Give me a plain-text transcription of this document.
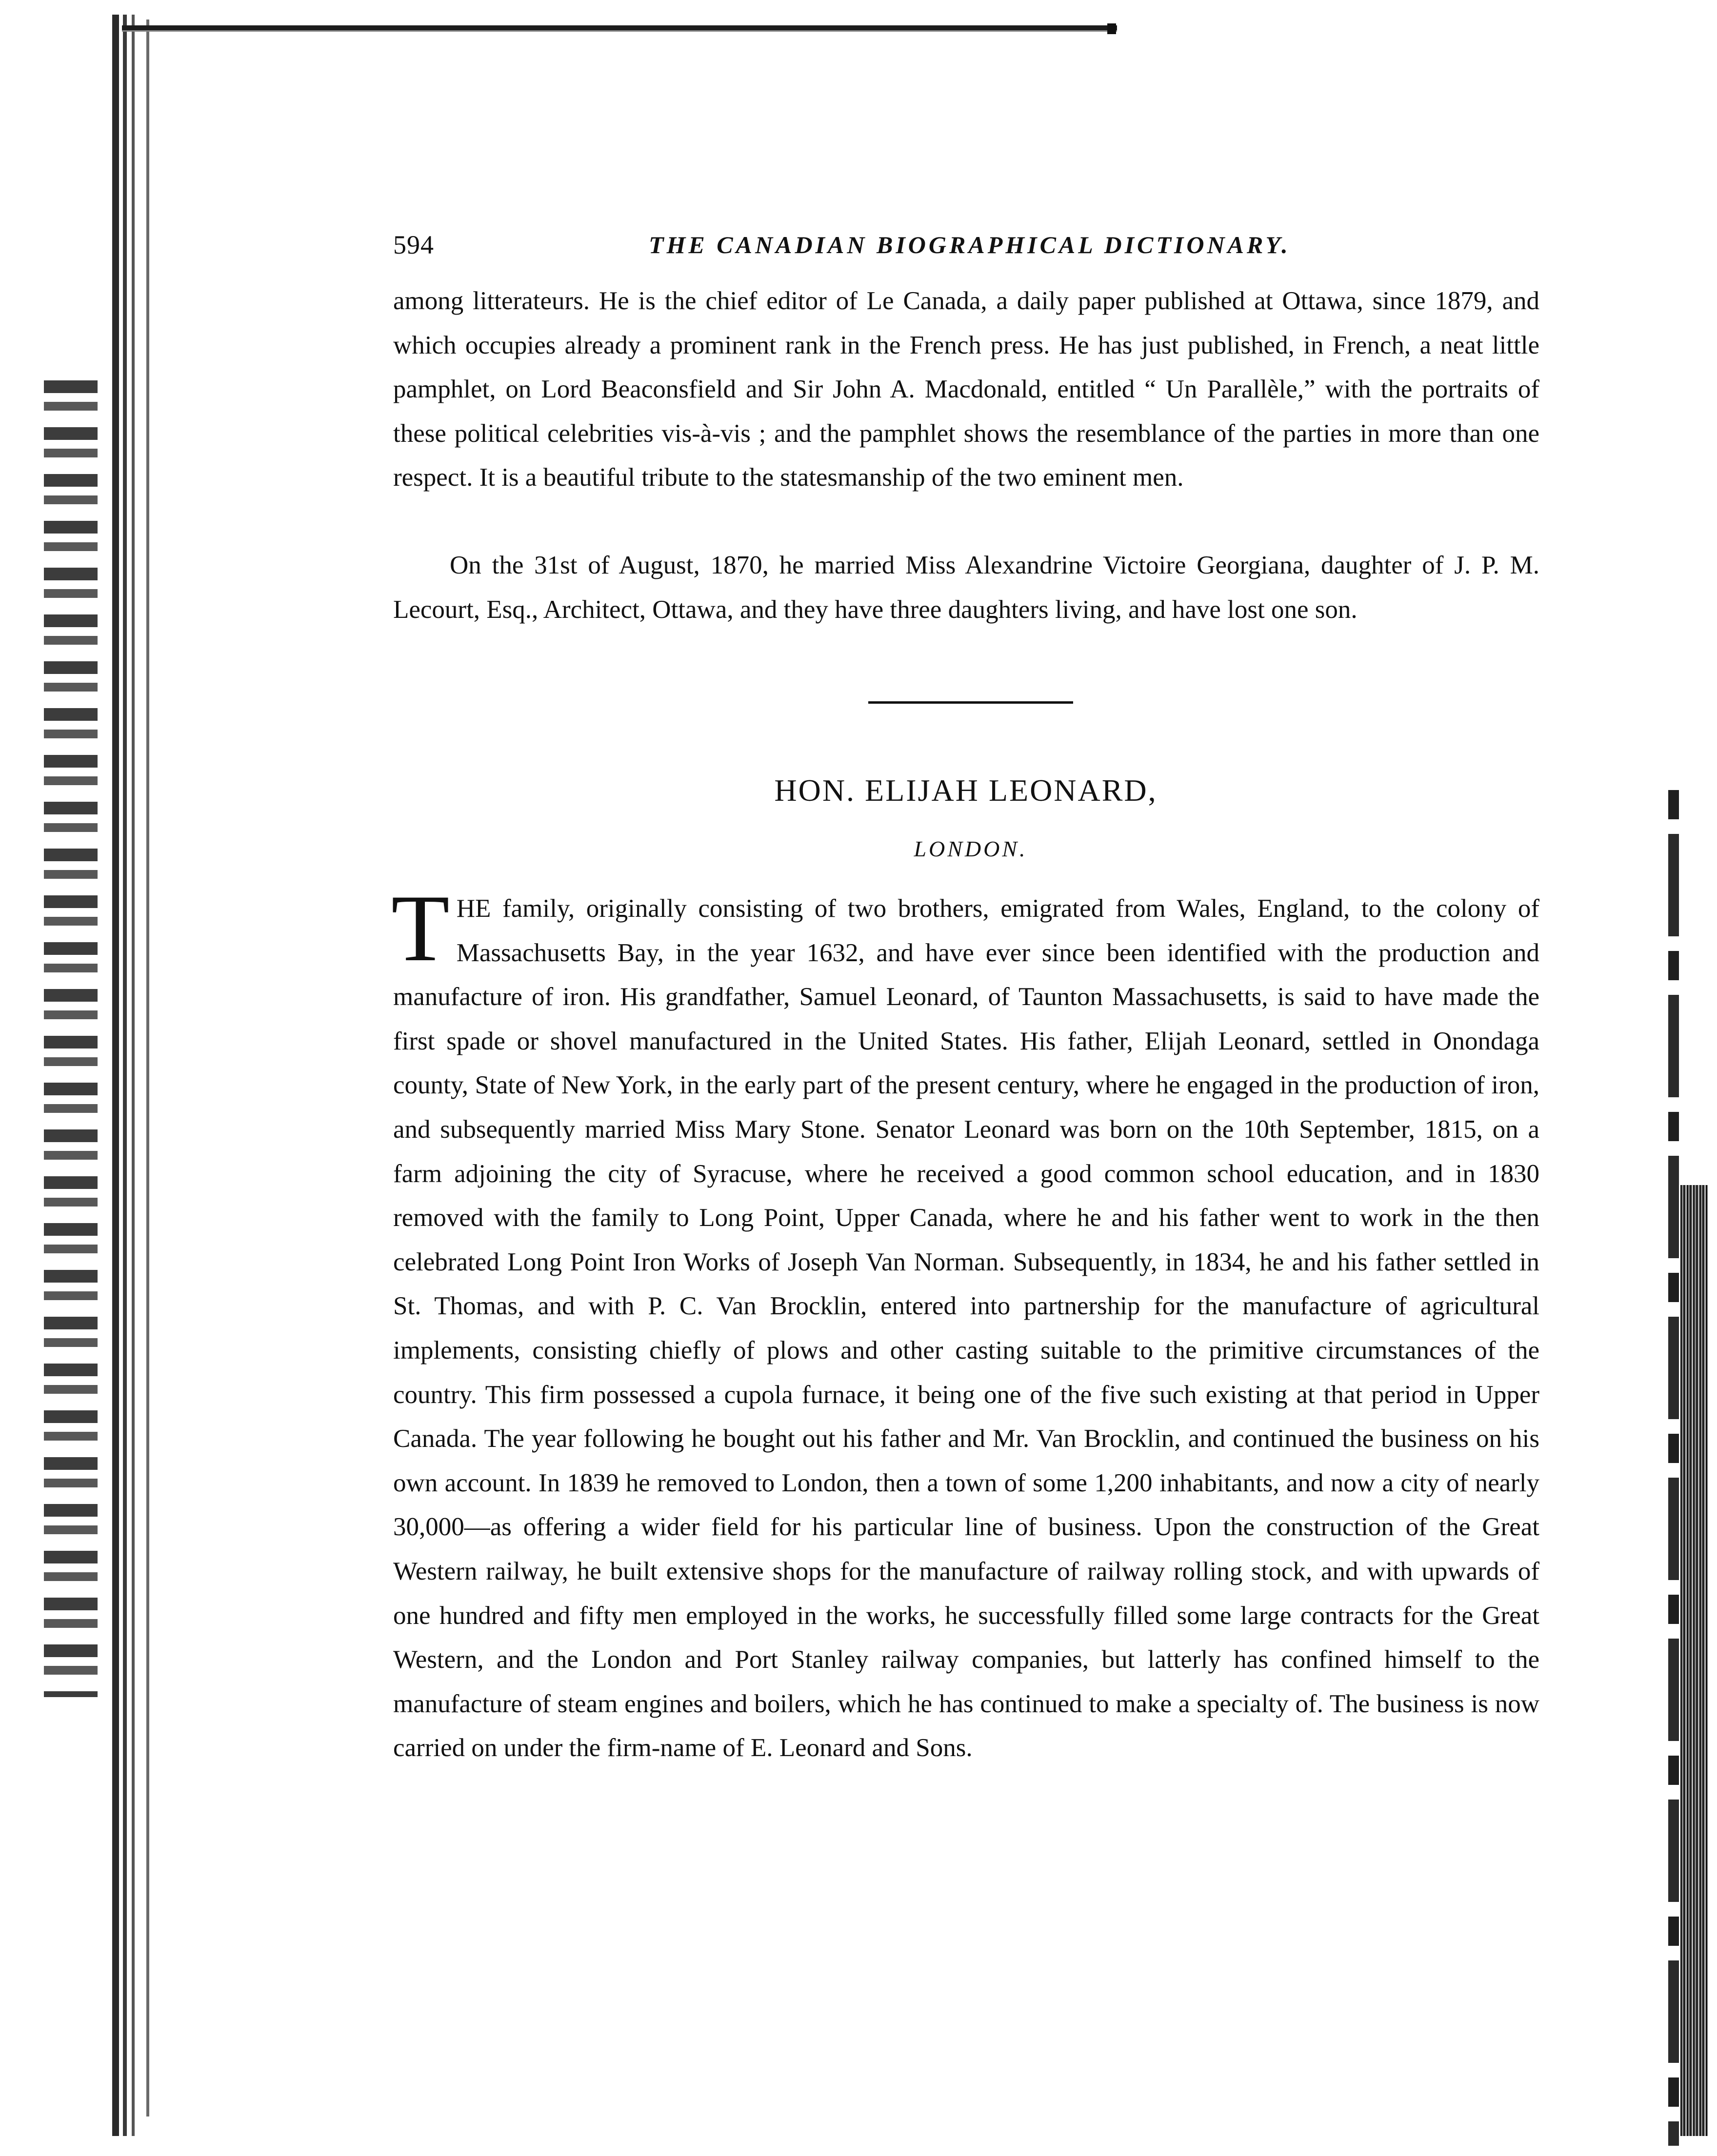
594	THE CANADIAN BIOGRAPHICAL DICTIONARY.

among litterateurs. He is the chief editor of Le Canada, a daily paper published at Ottawa, since 1879, and which occupies already a prominent rank in the French press. He has just published, in French, a neat little pamphlet, on Lord Beaconsfield and Sir John A. Macdonald, entitled “ Un Parallèle,” with the portraits of these political celebrities vis-à-vis ; and the pamphlet shows the resemblance of the parties in more than one respect. It is a beautiful tribute to the statesmanship of the two eminent men.

On the 31st of August, 1870, he married Miss Alexandrine Victoire Georgiana, daughter of J. P. M. Lecourt, Esq., Architect, Ottawa, and they have three daughters living, and have lost one son.

HON. ELIJAH LEONARD,

LONDON.

T HE family, originally consisting of two brothers, emigrated from Wales, England, to the colony of Massachusetts Bay, in the year 1632, and have ever since been identified with the production and manufacture of iron. His grandfather, Samuel Leonard, of Taunton Massachusetts, is said to have made the first spade or shovel manufactured in the United States. His father, Elijah Leonard, settled in Onondaga county, State of New York, in the early part of the present century, where he engaged in the production of iron, and subsequently married Miss Mary Stone. Senator Leonard was born on the 10th September, 1815, on a farm adjoining the city of Syracuse, where he received a good common school education, and in 1830 removed with the family to Long Point, Upper Canada, where he and his father went to work in the then celebrated Long Point Iron Works of Joseph Van Norman. Subsequently, in 1834, he and his father settled in St. Thomas, and with P. C. Van Brocklin, entered into partnership for the manufacture of agricultural implements, consisting chiefly of plows and other casting suitable to the primitive circumstances of the country. This firm possessed a cupola furnace, it being one of the five such existing at that period in Upper Canada. The year following he bought out his father and Mr. Van Brocklin, and continued the business on his own account. In 1839 he removed to London, then a town of some 1,200 inhabitants, and now a city of nearly 30,000—as offering a wider field for his particular line of business. Upon the construction of the Great Western railway, he built extensive shops for the manufacture of railway rolling stock, and with upwards of one hundred and fifty men employed in the works, he successfully filled some large contracts for the Great Western, and the London and Port Stanley railway companies, but latterly has confined himself to the manufacture of steam engines and boilers, which he has continued to make a specialty of. The business is now carried on under the firm-name of E. Leonard and Sons.
